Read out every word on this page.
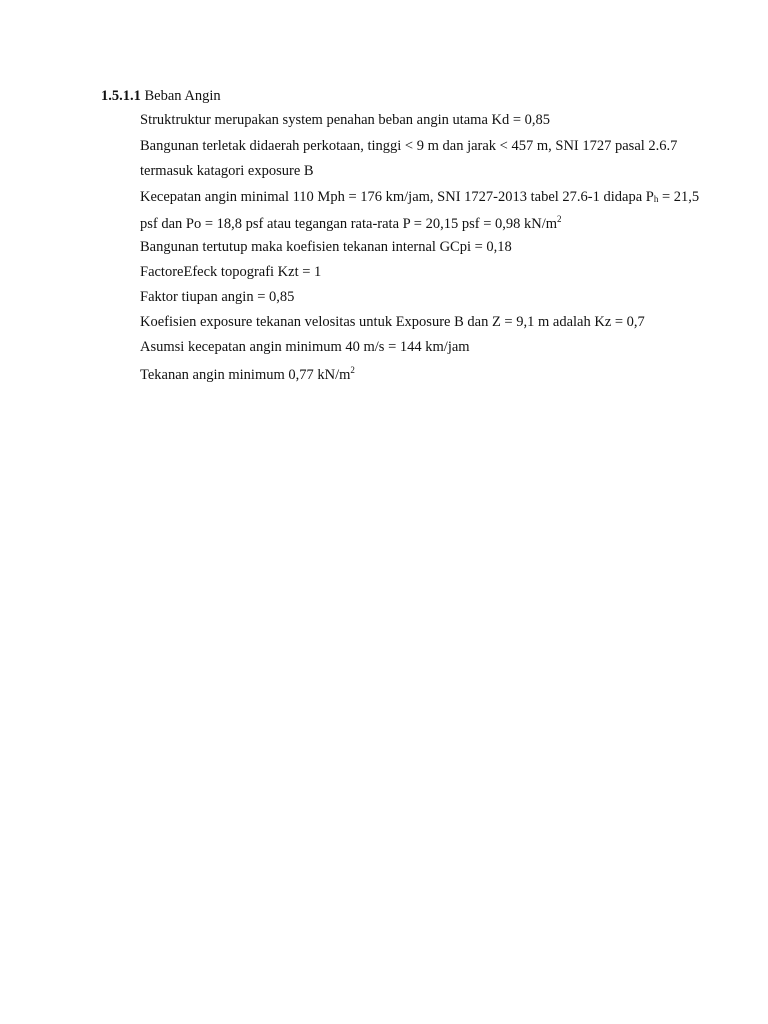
1.5.1.1 Beban Angin
Struktruktur merupakan system penahan beban angin utama Kd = 0,85
Bangunan terletak didaerah perkotaan, tinggi < 9 m dan jarak < 457 m, SNI 1727 pasal 2.6.7
termasuk katagori exposure B
Kecepatan angin minimal 110 Mph = 176 km/jam, SNI 1727-2013 tabel 27.6-1 didapa $P_h = 21,5$
psf dan Po = 18,8 psf atau tegangan rata-rata P = 20,15 psf = 0,98 $kN/m^2$
Bangunan tertutup maka koefisien tekanan internal GCpi = 0,18
FactoreEfeck topografi Kzt = 1
Faktor tiupan angin = 0,85
Koefisien exposure tekanan velositas untuk Exposure B dan Z = 9,1 m adalah Kz = 0,7
Asumsi kecepatan angin minimum 40 m/s = 144 km/jam
Tekanan angin minimum 0,77 $kN/m^2$
